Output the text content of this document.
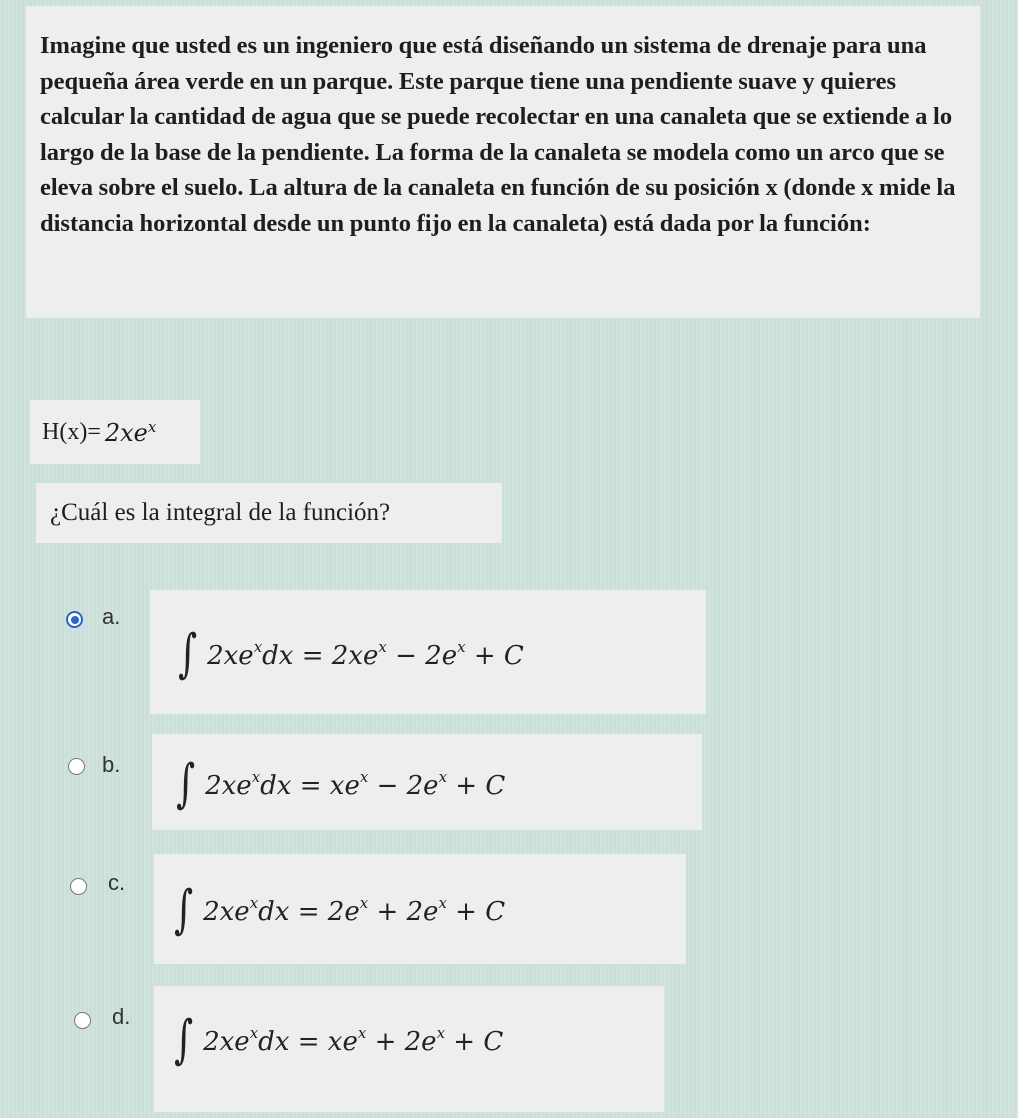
Imagine que usted es un ingeniero que está diseñando un sistema de drenaje para una pequeña área verde en un parque. Este parque tiene una pendiente suave y quieres calcular la cantidad de agua que se puede recolectar en una canaleta que se extiende a lo largo de la base de la pendiente. La forma de la canaleta se modela como un arco que se eleva sobre el suelo. La altura de la canaleta en función de su posición x (donde x mide la distancia horizontal desde un punto fijo en la canaleta) está dada por la función:

$H(x)= 2xe^x$
¿Cuál es la integral de la función?
a.
∫ $2xe^xdx = 2xe^x - 2e^x + C$
b. ∫ $2xe^xdx = xe^x - 2e^x + C$
c. ∫ $2xe^xdx = 2e^x + 2e^x + C$
d. ∫ $2xe^xdx = xe^x + 2e^x + C$
